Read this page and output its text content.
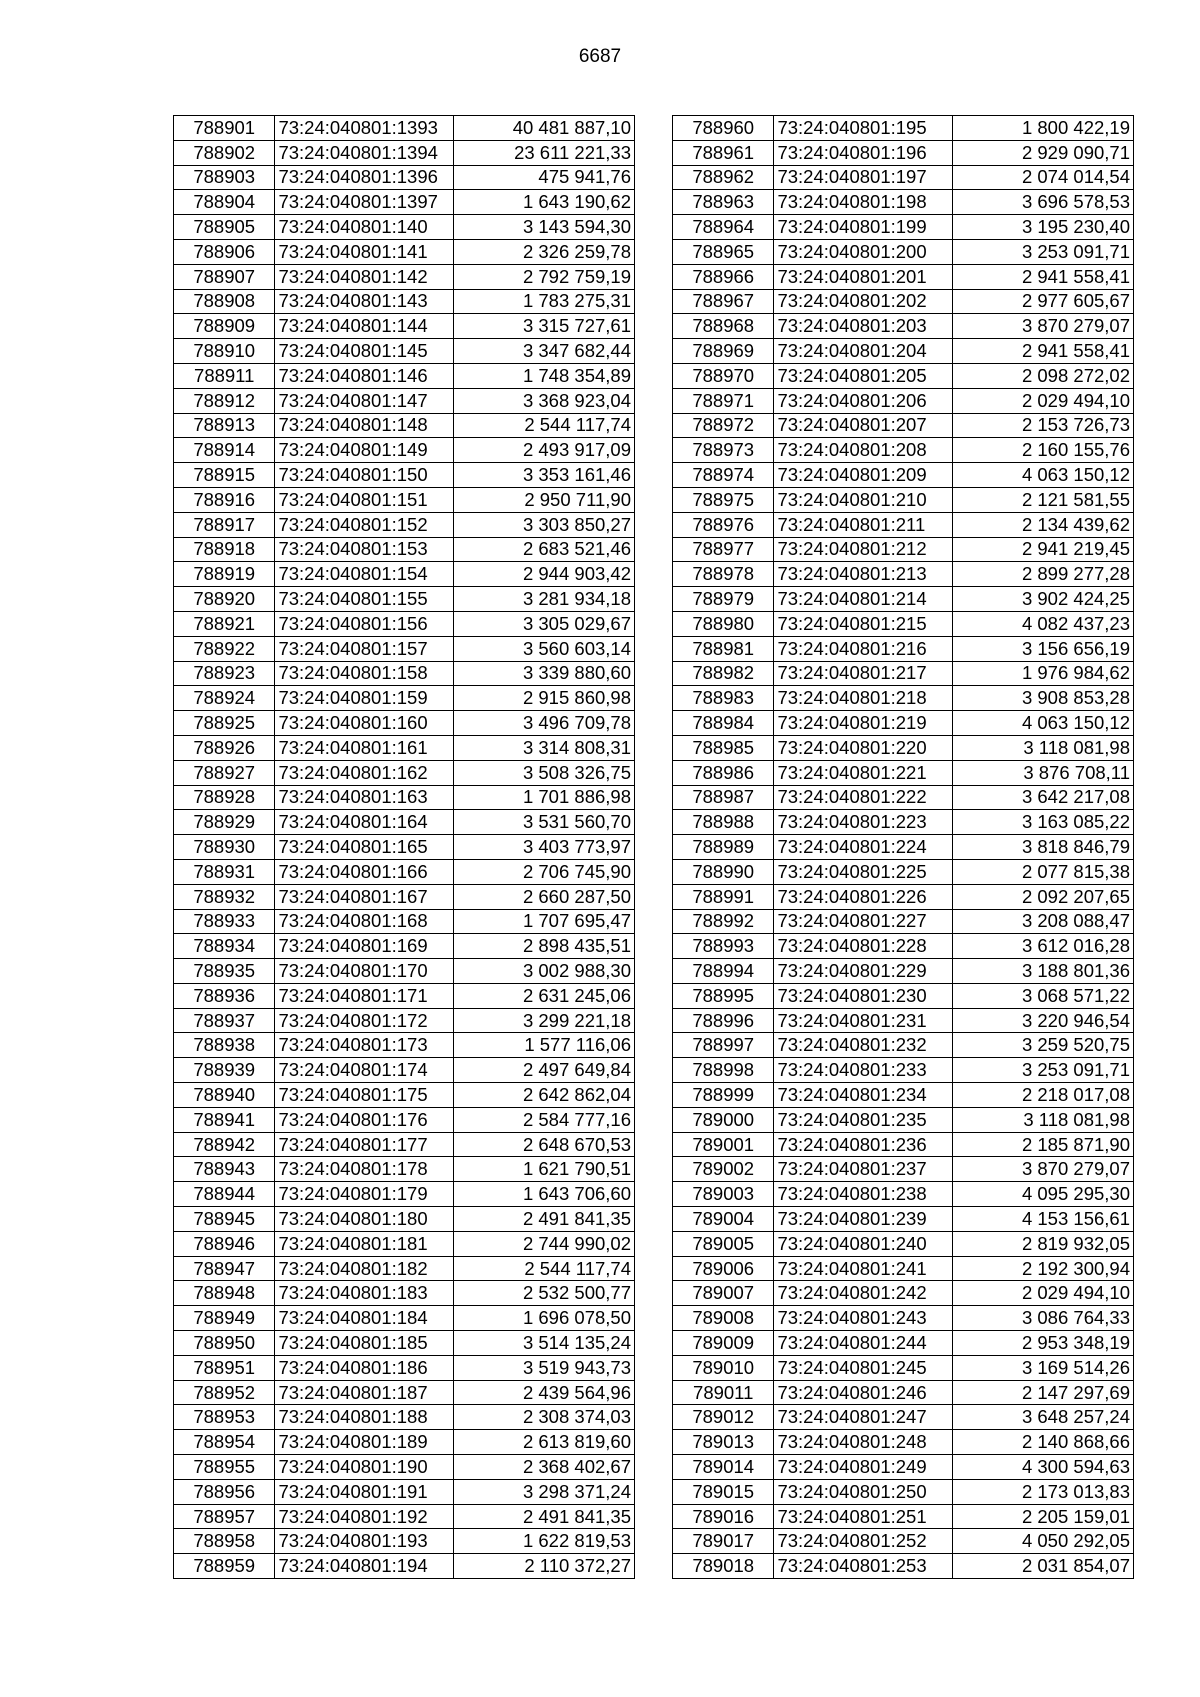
6687
788901	73:24:040801:1393	40 481 887,10
788902	73:24:040801:1394	23 611 221,33
788903	73:24:040801:1396	475 941,76
788904	73:24:040801:1397	1 643 190,62
788905	73:24:040801:140	3 143 594,30
788906	73:24:040801:141	2 326 259,78
788907	73:24:040801:142	2 792 759,19
788908	73:24:040801:143	1 783 275,31
788909	73:24:040801:144	3 315 727,61
788910	73:24:040801:145	3 347 682,44
788911	73:24:040801:146	1 748 354,89
788912	73:24:040801:147	3 368 923,04
788913	73:24:040801:148	2 544 117,74
788914	73:24:040801:149	2 493 917,09
788915	73:24:040801:150	3 353 161,46
788916	73:24:040801:151	2 950 711,90
788917	73:24:040801:152	3 303 850,27
788918	73:24:040801:153	2 683 521,46
788919	73:24:040801:154	2 944 903,42
788920	73:24:040801:155	3 281 934,18
788921	73:24:040801:156	3 305 029,67
788922	73:24:040801:157	3 560 603,14
788923	73:24:040801:158	3 339 880,60
788924	73:24:040801:159	2 915 860,98
788925	73:24:040801:160	3 496 709,78
788926	73:24:040801:161	3 314 808,31
788927	73:24:040801:162	3 508 326,75
788928	73:24:040801:163	1 701 886,98
788929	73:24:040801:164	3 531 560,70
788930	73:24:040801:165	3 403 773,97
788931	73:24:040801:166	2 706 745,90
788932	73:24:040801:167	2 660 287,50
788933	73:24:040801:168	1 707 695,47
788934	73:24:040801:169	2 898 435,51
788935	73:24:040801:170	3 002 988,30
788936	73:24:040801:171	2 631 245,06
788937	73:24:040801:172	3 299 221,18
788938	73:24:040801:173	1 577 116,06
788939	73:24:040801:174	2 497 649,84
788940	73:24:040801:175	2 642 862,04
788941	73:24:040801:176	2 584 777,16
788942	73:24:040801:177	2 648 670,53
788943	73:24:040801:178	1 621 790,51
788944	73:24:040801:179	1 643 706,60
788945	73:24:040801:180	2 491 841,35
788946	73:24:040801:181	2 744 990,02
788947	73:24:040801:182	2 544 117,74
788948	73:24:040801:183	2 532 500,77
788949	73:24:040801:184	1 696 078,50
788950	73:24:040801:185	3 514 135,24
788951	73:24:040801:186	3 519 943,73
788952	73:24:040801:187	2 439 564,96
788953	73:24:040801:188	2 308 374,03
788954	73:24:040801:189	2 613 819,60
788955	73:24:040801:190	2 368 402,67
788956	73:24:040801:191	3 298 371,24
788957	73:24:040801:192	2 491 841,35
788958	73:24:040801:193	1 622 819,53
788959	73:24:040801:194	2 110 372,27
788960	73:24:040801:195	1 800 422,19
788961	73:24:040801:196	2 929 090,71
788962	73:24:040801:197	2 074 014,54
788963	73:24:040801:198	3 696 578,53
788964	73:24:040801:199	3 195 230,40
788965	73:24:040801:200	3 253 091,71
788966	73:24:040801:201	2 941 558,41
788967	73:24:040801:202	2 977 605,67
788968	73:24:040801:203	3 870 279,07
788969	73:24:040801:204	2 941 558,41
788970	73:24:040801:205	2 098 272,02
788971	73:24:040801:206	2 029 494,10
788972	73:24:040801:207	2 153 726,73
788973	73:24:040801:208	2 160 155,76
788974	73:24:040801:209	4 063 150,12
788975	73:24:040801:210	2 121 581,55
788976	73:24:040801:211	2 134 439,62
788977	73:24:040801:212	2 941 219,45
788978	73:24:040801:213	2 899 277,28
788979	73:24:040801:214	3 902 424,25
788980	73:24:040801:215	4 082 437,23
788981	73:24:040801:216	3 156 656,19
788982	73:24:040801:217	1 976 984,62
788983	73:24:040801:218	3 908 853,28
788984	73:24:040801:219	4 063 150,12
788985	73:24:040801:220	3 118 081,98
788986	73:24:040801:221	3 876 708,11
788987	73:24:040801:222	3 642 217,08
788988	73:24:040801:223	3 163 085,22
788989	73:24:040801:224	3 818 846,79
788990	73:24:040801:225	2 077 815,38
788991	73:24:040801:226	2 092 207,65
788992	73:24:040801:227	3 208 088,47
788993	73:24:040801:228	3 612 016,28
788994	73:24:040801:229	3 188 801,36
788995	73:24:040801:230	3 068 571,22
788996	73:24:040801:231	3 220 946,54
788997	73:24:040801:232	3 259 520,75
788998	73:24:040801:233	3 253 091,71
788999	73:24:040801:234	2 218 017,08
789000	73:24:040801:235	3 118 081,98
789001	73:24:040801:236	2 185 871,90
789002	73:24:040801:237	3 870 279,07
789003	73:24:040801:238	4 095 295,30
789004	73:24:040801:239	4 153 156,61
789005	73:24:040801:240	2 819 932,05
789006	73:24:040801:241	2 192 300,94
789007	73:24:040801:242	2 029 494,10
789008	73:24:040801:243	3 086 764,33
789009	73:24:040801:244	2 953 348,19
789010	73:24:040801:245	3 169 514,26
789011	73:24:040801:246	2 147 297,69
789012	73:24:040801:247	3 648 257,24
789013	73:24:040801:248	2 140 868,66
789014	73:24:040801:249	4 300 594,63
789015	73:24:040801:250	2 173 013,83
789016	73:24:040801:251	2 205 159,01
789017	73:24:040801:252	4 050 292,05
789018	73:24:040801:253	2 031 854,07
